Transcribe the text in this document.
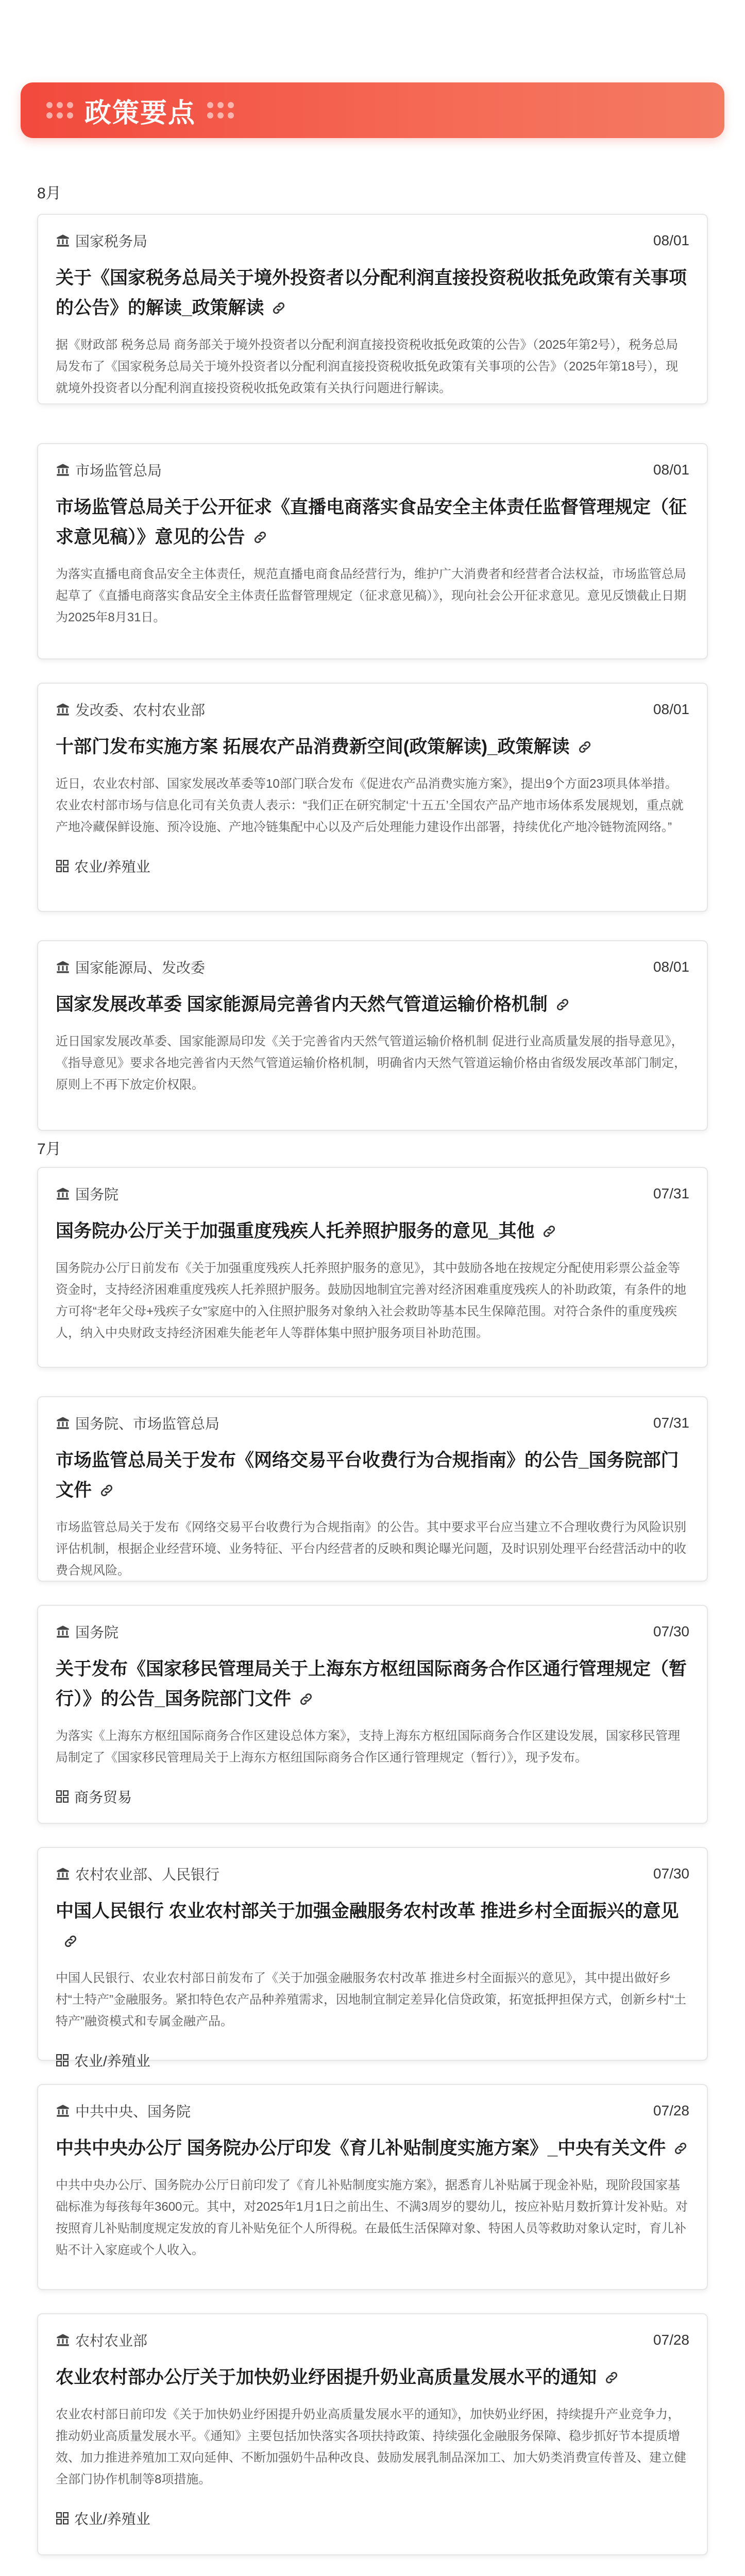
政策要点
8月
国家税务局	08/01
关于《国家税务总局关于境外投资者以分配利润直接投资税收抵免政策有关事项的公告》的解读_政策解读
据《财政部 税务总局 商务部关于境外投资者以分配利润直接投资税收抵免政策的公告》（2025年第2号），税务总局局发布了《国家税务总局关于境外投资者以分配利润直接投资税收抵免政策有关事项的公告》（2025年第18号），现就境外投资者以分配利润直接投资税收抵免政策有关执行问题进行解读。
市场监管总局	08/01
市场监管总局关于公开征求《直播电商落实食品安全主体责任监督管理规定（征求意见稿）》意见的公告
为落实直播电商食品安全主体责任，规范直播电商食品经营行为，维护广大消费者和经营者合法权益，市场监管总局起草了《直播电商落实食品安全主体责任监督管理规定（征求意见稿）》，现向社会公开征求意见。意见反馈截止日期为2025年8月31日。
发改委、农村农业部	08/01
十部门发布实施方案 拓展农产品消费新空间(政策解读)_政策解读
近日，农业农村部、国家发展改革委等10部门联合发布《促进农产品消费实施方案》，提出9个方面23项具体举措。农业农村部市场与信息化司有关负责人表示：“我们正在研究制定‘十五五’全国农产品产地市场体系发展规划，重点就产地冷藏保鲜设施、预冷设施、产地冷链集配中心以及产后处理能力建设作出部署，持续优化产地冷链物流网络。”
农业/养殖业
国家能源局、发改委	08/01
国家发展改革委 国家能源局完善省内天然气管道运输价格机制
近日国家发展改革委、国家能源局印发《关于完善省内天然气管道运输价格机制 促进行业高质量发展的指导意见》，《指导意见》要求各地完善省内天然气管道运输价格机制，明确省内天然气管道运输价格由省级发展改革部门制定，原则上不再下放定价权限。
7月
国务院	07/31
国务院办公厅关于加强重度残疾人托养照护服务的意见_其他
国务院办公厅日前发布《关于加强重度残疾人托养照护服务的意见》，其中鼓励各地在按规定分配使用彩票公益金等资金时，支持经济困难重度残疾人托养照护服务。鼓励因地制宜完善对经济困难重度残疾人的补助政策，有条件的地方可将“老年父母+残疾子女”家庭中的入住照护服务对象纳入社会救助等基本民生保障范围。对符合条件的重度残疾人，纳入中央财政支持经济困难失能老年人等群体集中照护服务项目补助范围。
国务院、市场监管总局	07/31
市场监管总局关于发布《网络交易平台收费行为合规指南》的公告_国务院部门文件
市场监管总局关于发布《网络交易平台收费行为合规指南》的公告。其中要求平台应当建立不合理收费行为风险识别评估机制，根据企业经营环境、业务特征、平台内经营者的反映和舆论曝光问题，及时识别处理平台经营活动中的收费合规风险。
国务院	07/30
关于发布《国家移民管理局关于上海东方枢纽国际商务合作区通行管理规定（暂行）》的公告_国务院部门文件
为落实《上海东方枢纽国际商务合作区建设总体方案》，支持上海东方枢纽国际商务合作区建设发展，国家移民管理局制定了《国家移民管理局关于上海东方枢纽国际商务合作区通行管理规定（暂行）》，现予发布。
商务贸易
农村农业部、人民银行	07/30
中国人民银行 农业农村部关于加强金融服务农村改革 推进乡村全面振兴的意见
中国人民银行、农业农村部日前发布了《关于加强金融服务农村改革 推进乡村全面振兴的意见》，其中提出做好乡村“土特产”金融服务。紧扣特色农产品种养殖需求，因地制宜制定差异化信贷政策，拓宽抵押担保方式，创新乡村“土特产”融资模式和专属金融产品。
农业/养殖业
中共中央、国务院	07/28
中共中央办公厅 国务院办公厅印发《育儿补贴制度实施方案》_中央有关文件
中共中央办公厅、国务院办公厅日前印发了《育儿补贴制度实施方案》，据悉育儿补贴属于现金补贴，现阶段国家基础标准为每孩每年3600元。其中，对2025年1月1日之前出生、不满3周岁的婴幼儿，按应补贴月数折算计发补贴。对按照育儿补贴制度规定发放的育儿补贴免征个人所得税。在最低生活保障对象、特困人员等救助对象认定时，育儿补贴不计入家庭或个人收入。
农村农业部	07/28
农业农村部办公厅关于加快奶业纾困提升奶业高质量发展水平的通知
农业农村部日前印发《关于加快奶业纾困提升奶业高质量发展水平的通知》，加快奶业纾困，持续提升产业竞争力，推动奶业高质量发展水平。《通知》主要包括加快落实各项扶持政策、持续强化金融服务保障、稳步抓好节本提质增效、加力推进养殖加工双向延伸、不断加强奶牛品种改良、鼓励发展乳制品深加工、加大奶类消费宣传普及、建立健全部门协作机制等8项措施。
农业/养殖业
